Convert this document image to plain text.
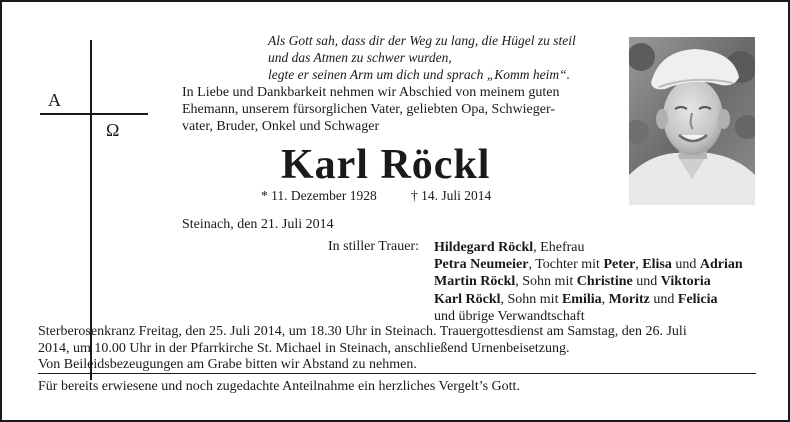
A
Ω
Als Gott sah, dass dir der Weg zu lang, die Hügel zu steil
und das Atmen zu schwer wurden,
legte er seinen Arm um dich und sprach „Komm heim“.
In Liebe und Dankbarkeit nehmen wir Abschied von meinem guten
Ehemann, unserem fürsorglichen Vater, geliebten Opa, Schwieger-
vater, Bruder, Onkel und Schwager
Karl Röckl
* 11. Dezember 1928	† 14. Juli 2014
Steinach, den 21. Juli 2014
In stiller Trauer: Hildegard Röckl, Ehefrau
Petra Neumeier, Tochter mit Peter, Elisa und Adrian
Martin Röckl, Sohn mit Christine und Viktoria
Karl Röckl, Sohn mit Emilia, Moritz und Felicia
und übrige Verwandtschaft
Sterberosenkranz Freitag, den 25. Juli 2014, um 18.30 Uhr in Steinach. Trauergottesdienst am Samstag, den 26. Juli
2014, um 10.00 Uhr in der Pfarrkirche St. Michael in Steinach, anschließend Urnenbeisetzung.
Von Beileidsbezeugungen am Grabe bitten wir Abstand zu nehmen.
Für bereits erwiesene und noch zugedachte Anteilnahme ein herzliches Vergelt’s Gott.
